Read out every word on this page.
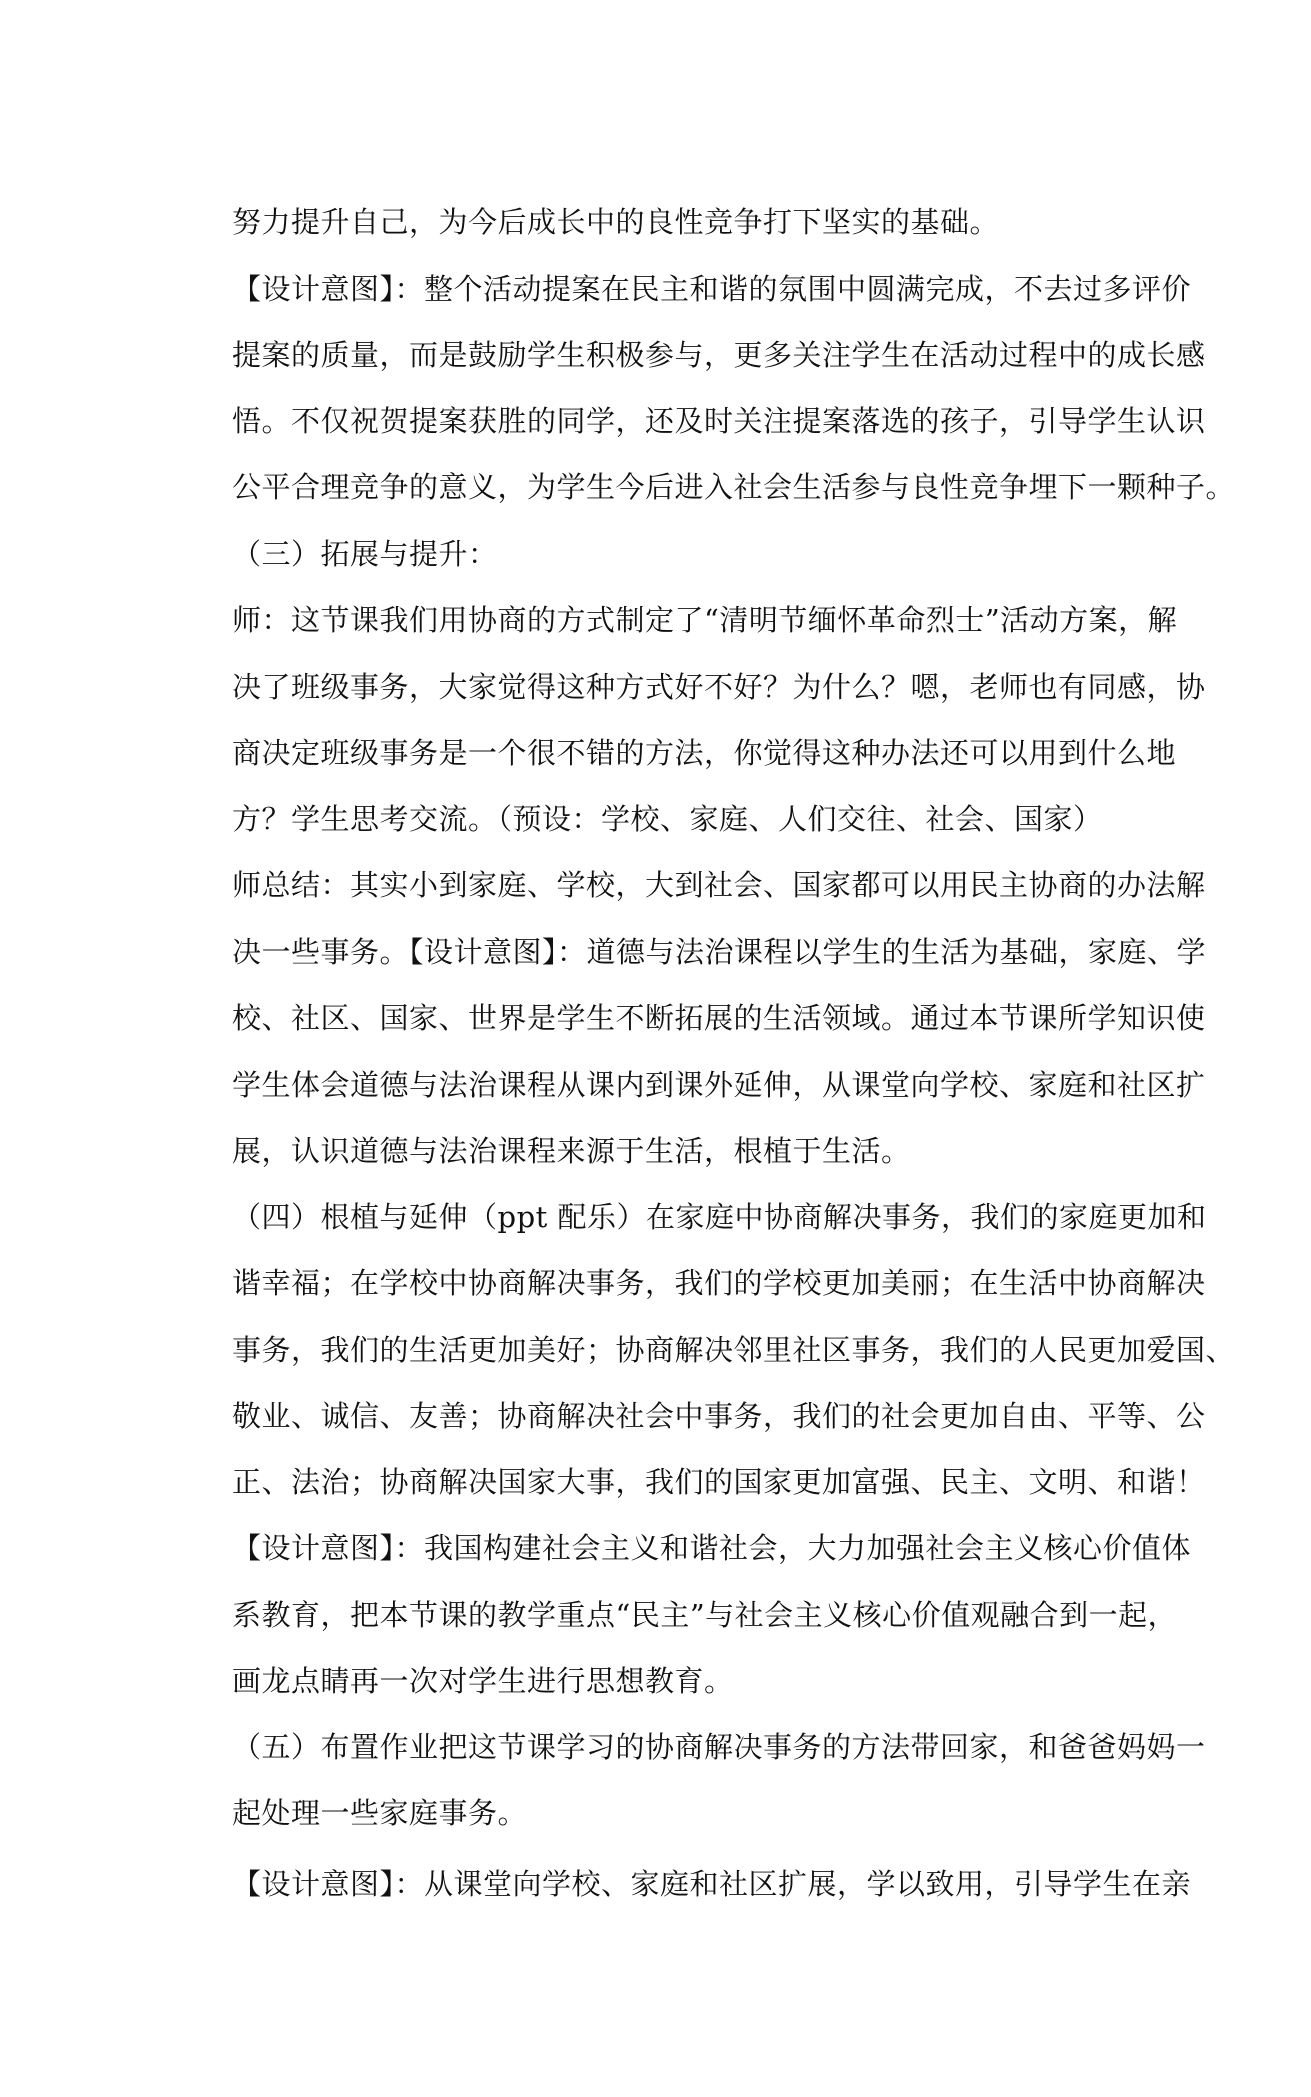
努力提升自己，为今后成长中的良性竞争打下坚实的基础。
【设计意图】：整个活动提案在民主和谐的氛围中圆满完成，不去过多评价
提案的质量，而是鼓励学生积极参与，更多关注学生在活动过程中的成长感
悟。不仅祝贺提案获胜的同学，还及时关注提案落选的孩子，引导学生认识
公平合理竞争的意义，为学生今后进入社会生活参与良性竞争埋下一颗种子。
（三）拓展与提升：
师：这节课我们用协商的方式制定了“清明节缅怀革命烈士”活动方案，解
决了班级事务，大家觉得这种方式好不好？为什么？嗯，老师也有同感，协
商决定班级事务是一个很不错的方法，你觉得这种办法还可以用到什么地
方？学生思考交流。（预设：学校、家庭、人们交往、社会、国家）
师总结：其实小到家庭、学校，大到社会、国家都可以用民主协商的办法解
决一些事务。【设计意图】：道德与法治课程以学生的生活为基础，家庭、学
校、社区、国家、世界是学生不断拓展的生活领域。通过本节课所学知识使
学生体会道德与法治课程从课内到课外延伸，从课堂向学校、家庭和社区扩
展，认识道德与法治课程来源于生活，根植于生活。
（四）根植与延伸（ppt 配乐）在家庭中协商解决事务，我们的家庭更加和
谐幸福；在学校中协商解决事务，我们的学校更加美丽；在生活中协商解决
事务，我们的生活更加美好；协商解决邻里社区事务，我们的人民更加爱国、
敬业、诚信、友善；协商解决社会中事务，我们的社会更加自由、平等、公
正、法治；协商解决国家大事，我们的国家更加富强、民主、文明、和谐！
【设计意图】：我国构建社会主义和谐社会，大力加强社会主义核心价值体
系教育，把本节课的教学重点“民主”与社会主义核心价值观融合到一起，
画龙点睛再一次对学生进行思想教育。
（五）布置作业把这节课学习的协商解决事务的方法带回家，和爸爸妈妈一
起处理一些家庭事务。
【设计意图】：从课堂向学校、家庭和社区扩展，学以致用，引导学生在亲
